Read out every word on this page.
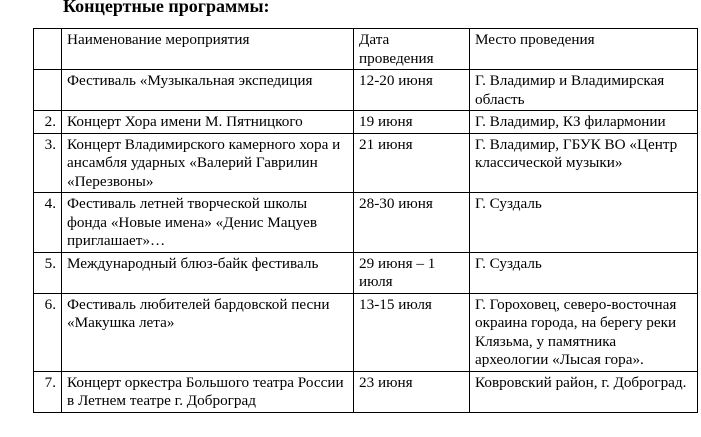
Концертные программы:
	Наименование мероприятия	Дата проведения	Место проведения
	Фестиваль «Музыкальная экспедиция	12-20 июня	Г. Владимир и Владимирская область
2.	Концерт Хора имени М. Пятницкого	19 июня	Г. Владимир, КЗ филармонии
3.	Концерт Владимирского камерного хора и ансамбля ударных «Валерий Гаврилин «Перезвоны»	21 июня	Г. Владимир, ГБУК ВО «Центр классической музыки»
4.	Фестиваль летней творческой школы фонда «Новые имена» «Денис Мацуев приглашает»…	28-30 июня	Г. Суздаль
5.	Международный блюз-байк фестиваль	29 июня – 1 июля	Г. Суздаль
6.	Фестиваль любителей бардовской песни «Макушка лета»	13-15 июля	Г. Гороховец, северо-восточная окраина города, на берегу реки Клязьма, у памятника археологии «Лысая гора».
7.	Концерт оркестра Большого театра России в Летнем театре г. Доброград	23 июня	Ковровский район, г. Доброград.
